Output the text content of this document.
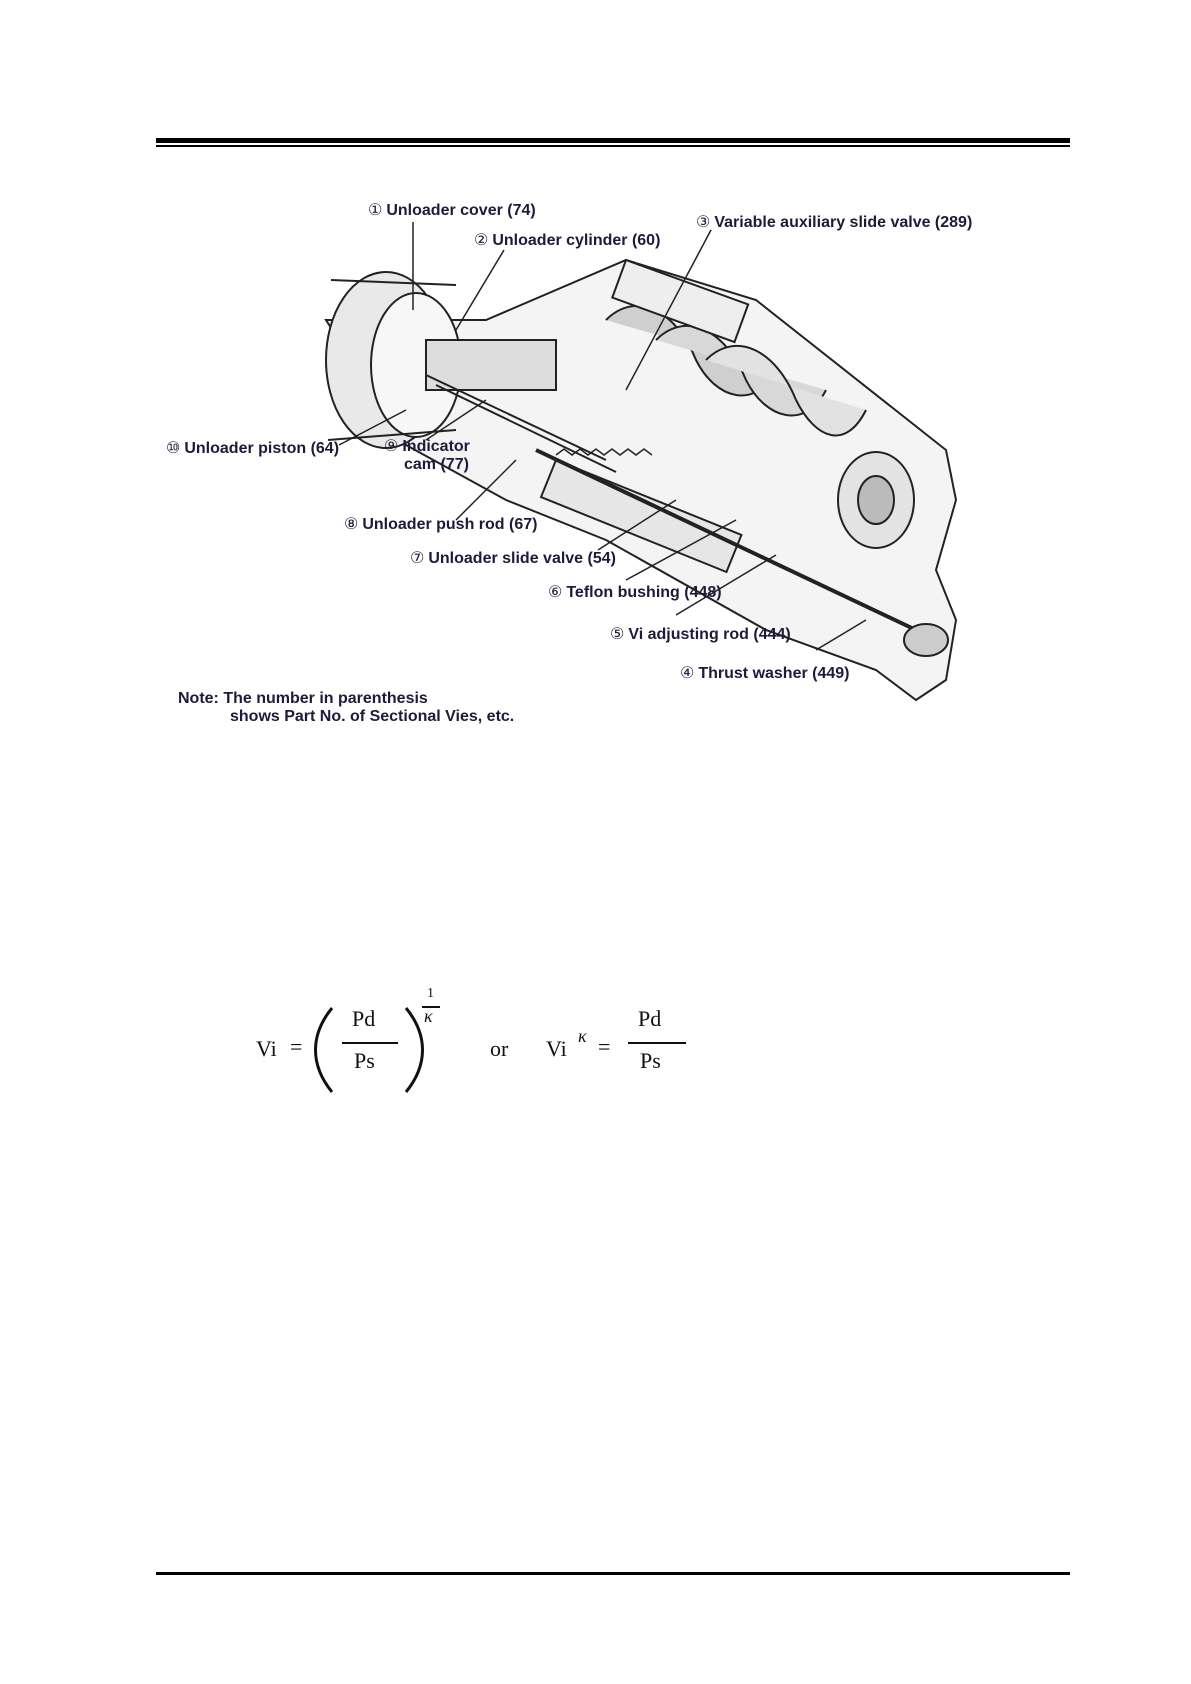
① Unloader cover (74)
② Unloader cylinder (60)
③ Variable auxiliary slide valve (289)
⑩ Unloader piston (64)	⑨ Indicator
cam (77)
⑧ Unloader push rod (67)
⑦ Unloader slide valve (54)
⑥ Teflon bushing (448)
⑤ Vi adjusting rod (444)
④ Thrust washer (449)
Note: The number in parenthesis
shows Part No. of Sectional Vies, etc.
Vi =
Pd
Ps
1
κ
or Vi κ =
Pd
Ps
